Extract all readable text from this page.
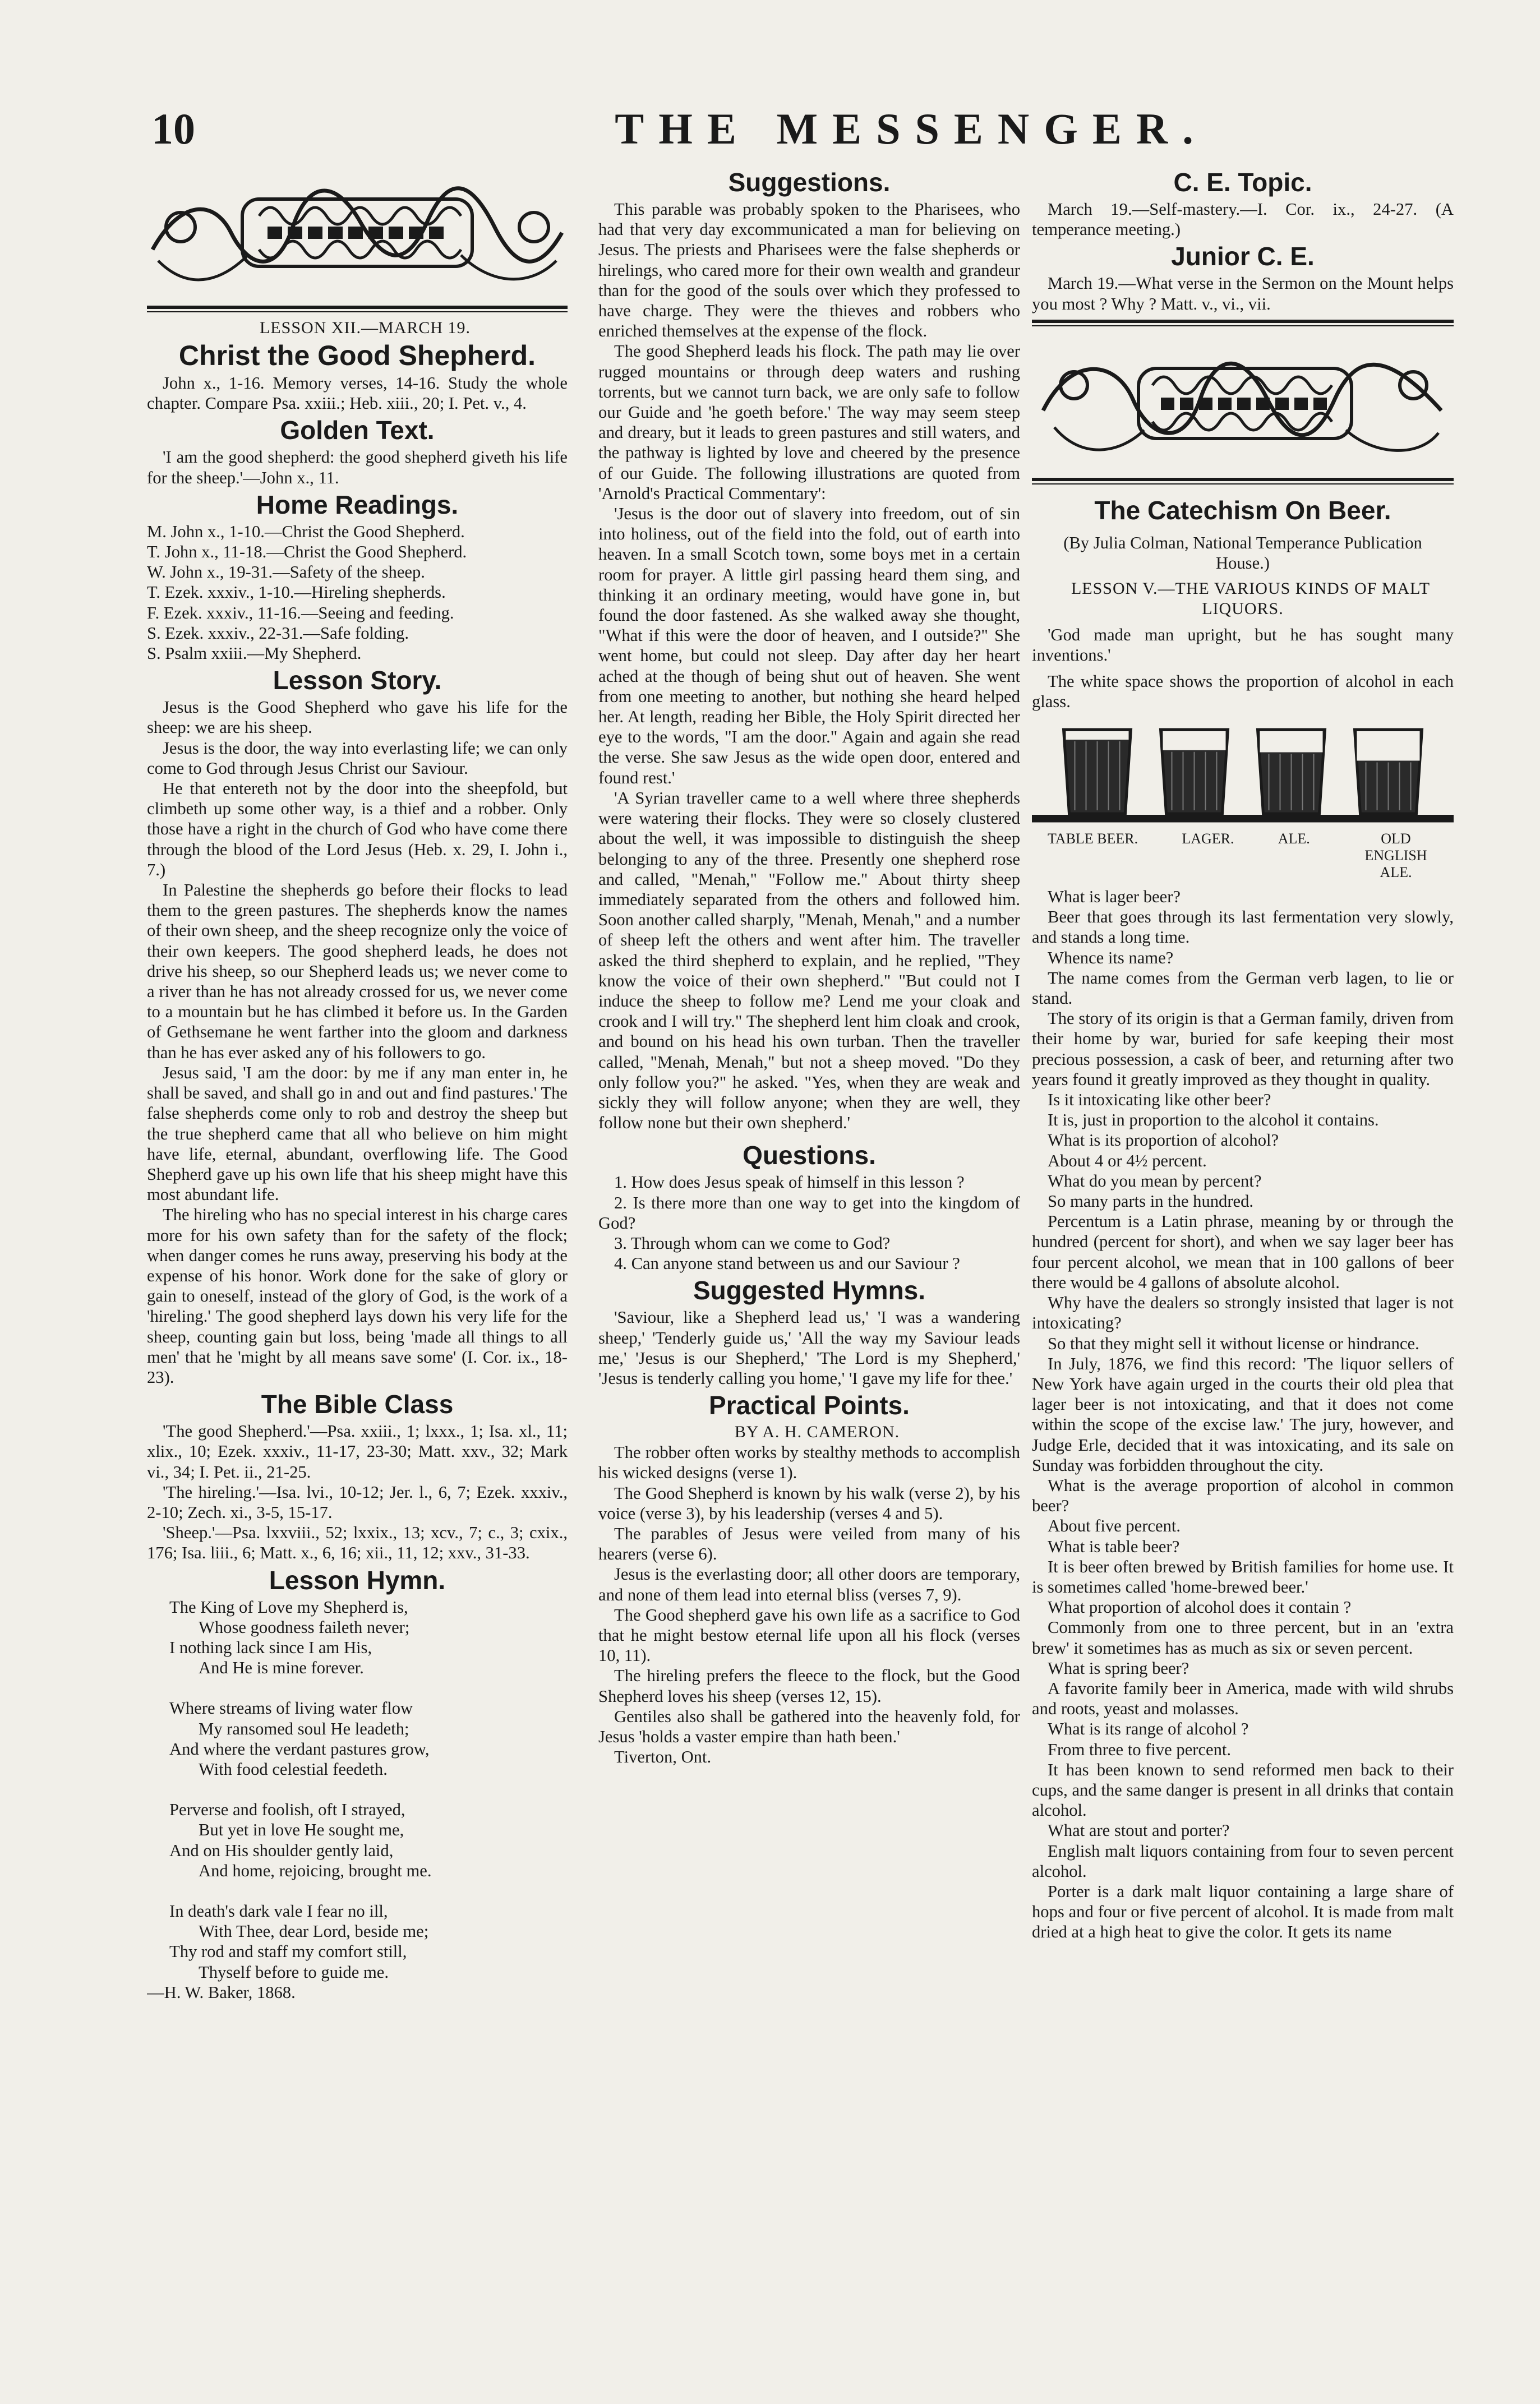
10	THE MESSENGER.

LESSON XII.—MARCH 19.

Christ the Good Shepherd.

John x., 1-16. Memory verses, 14-16. Study the whole chapter. Compare Psa. xxiii.; Heb. xiii., 20; I. Pet. v., 4.

Golden Text.

'I am the good shepherd: the good shepherd giveth his life for the sheep.'—John x., 11.

Home Readings.

M. John x., 1-10.—Christ the Good Shepherd.

T. John x., 11-18.—Christ the Good Shepherd.

W. John x., 19-31.—Safety of the sheep.

T. Ezek. xxxiv., 1-10.—Hireling shepherds.

F. Ezek. xxxiv., 11-16.—Seeing and feeding.

S. Ezek. xxxiv., 22-31.—Safe folding.

S. Psalm xxiii.—My Shepherd.

Lesson Story.

Jesus is the Good Shepherd who gave his life for the sheep: we are his sheep.

Jesus is the door, the way into everlasting life; we can only come to God through Jesus Christ our Saviour.

He that entereth not by the door into the sheepfold, but climbeth up some other way, is a thief and a robber. Only those have a right in the church of God who have come there through the blood of the Lord Jesus (Heb. x. 29, I. John i., 7.)

In Palestine the shepherds go before their flocks to lead them to the green pastures. The shepherds know the names of their own sheep, and the sheep recognize only the voice of their own keepers. The good shepherd leads, he does not drive his sheep, so our Shepherd leads us; we never come to a river than he has not already crossed for us, we never come to a mountain but he has climbed it before us. In the Garden of Gethsemane he went farther into the gloom and darkness than he has ever asked any of his followers to go.

Jesus said, 'I am the door: by me if any man enter in, he shall be saved, and shall go in and out and find pastures.' The false shepherds come only to rob and destroy the sheep but the true shepherd came that all who believe on him might have life, eternal, abundant, overflowing life. The Good Shepherd gave up his own life that his sheep might have this most abundant life.

The hireling who has no special interest in his charge cares more for his own safety than for the safety of the flock; when danger comes he runs away, preserving his body at the expense of his honor. Work done for the sake of glory or gain to oneself, instead of the glory of God, is the work of a 'hireling.' The good shepherd lays down his very life for the sheep, counting gain but loss, being 'made all things to all men' that he 'might by all means save some' (I. Cor. ix., 18-23).

The Bible Class

'The good Shepherd.'—Psa. xxiii., 1; lxxx., 1; Isa. xl., 11; xlix., 10; Ezek. xxxiv., 11-17, 23-30; Matt. xxv., 32; Mark vi., 34; I. Pet. ii., 21-25.

'The hireling.'—Isa. lvi., 10-12; Jer. l., 6, 7; Ezek. xxxiv., 2-10; Zech. xi., 3-5, 15-17.

'Sheep.'—Psa. lxxviii., 52; lxxix., 13; xcv., 7; c., 3; cxix., 176; Isa. liii., 6; Matt. x., 6, 16; xii., 11, 12; xxv., 31-33.

Lesson Hymn.
The King of Love my Shepherd is,
Whose goodness faileth never;
I nothing lack since I am His,
And He is mine forever.
Where streams of living water flow
My ransomed soul He leadeth;
And where the verdant pastures grow,
With food celestial feedeth.
Perverse and foolish, oft I strayed,
But yet in love He sought me,
And on His shoulder gently laid,
And home, rejoicing, brought me.
In death's dark vale I fear no ill,
With Thee, dear Lord, beside me;
Thy rod and staff my comfort still,
Thyself before to guide me.

—H. W. Baker, 1868.

Suggestions.

This parable was probably spoken to the Pharisees, who had that very day excommunicated a man for believing on Jesus. The priests and Pharisees were the false shepherds or hirelings, who cared more for their own wealth and grandeur than for the good of the souls over which they professed to have charge. They were the thieves and robbers who enriched themselves at the expense of the flock.

The good Shepherd leads his flock. The path may lie over rugged mountains or through deep waters and rushing torrents, but we cannot turn back, we are only safe to follow our Guide and 'he goeth before.' The way may seem steep and dreary, but it leads to green pastures and still waters, and the pathway is lighted by love and cheered by the presence of our Guide. The following illustrations are quoted from 'Arnold's Practical Commentary':

'Jesus is the door out of slavery into freedom, out of sin into holiness, out of the field into the fold, out of earth into heaven. In a small Scotch town, some boys met in a certain room for prayer. A little girl passing heard them sing, and thinking it an ordinary meeting, would have gone in, but found the door fastened. As she walked away she thought, "What if this were the door of heaven, and I outside?" She went home, but could not sleep. Day after day her heart ached at the though of being shut out of heaven. She went from one meeting to another, but nothing she heard helped her. At length, reading her Bible, the Holy Spirit directed her eye to the words, "I am the door." Again and again she read the verse. She saw Jesus as the wide open door, entered and found rest.'

'A Syrian traveller came to a well where three shepherds were watering their flocks. They were so closely clustered about the well, it was impossible to distinguish the sheep belonging to any of the three. Presently one shepherd rose and called, "Menah," "Follow me." About thirty sheep immediately separated from the others and followed him. Soon another called sharply, "Menah, Menah," and a number of sheep left the others and went after him. The traveller asked the third shepherd to explain, and he replied, "They know the voice of their own shepherd." "But could not I induce the sheep to follow me? Lend me your cloak and crook and I will try." The shepherd lent him cloak and crook, and bound on his head his own turban. Then the traveller called, "Menah, Menah," but not a sheep moved. "Do they only follow you?" he asked. "Yes, when they are weak and sickly they will follow anyone; when they are well, they follow none but their own shepherd.'

Questions.

1. How does Jesus speak of himself in this lesson ?

2. Is there more than one way to get into the kingdom of God?

3. Through whom can we come to God?

4. Can anyone stand between us and our Saviour ?

Suggested Hymns.

'Saviour, like a Shepherd lead us,' 'I was a wandering sheep,' 'Tenderly guide us,' 'All the way my Saviour leads me,' 'Jesus is our Shepherd,' 'The Lord is my Shepherd,' 'Jesus is tenderly calling you home,' 'I gave my life for thee.'

Practical Points.

BY A. H. CAMERON.

The robber often works by stealthy methods to accomplish his wicked designs (verse 1).

The Good Shepherd is known by his walk (verse 2), by his voice (verse 3), by his leadership (verses 4 and 5).

The parables of Jesus were veiled from many of his hearers (verse 6).

Jesus is the everlasting door; all other doors are temporary, and none of them lead into eternal bliss (verses 7, 9).

The Good shepherd gave his own life as a sacrifice to God that he might bestow eternal life upon all his flock (verses 10, 11).

The hireling prefers the fleece to the flock, but the Good Shepherd loves his sheep (verses 12, 15).

Gentiles also shall be gathered into the heavenly fold, for Jesus 'holds a vaster empire than hath been.'

Tiverton, Ont.

C. E. Topic.

March 19.—Self-mastery.—I. Cor. ix., 24-27. (A temperance meeting.)

Junior C. E.

March 19.—What verse in the Sermon on the Mount helps you most ? Why ? Matt. v., vi., vii.

The Catechism On Beer.

(By Julia Colman, National Temperance Publication House.)

LESSON V.—THE VARIOUS KINDS OF MALT LIQUORS.

'God made man upright, but he has sought many inventions.'

The white space shows the proportion of alcohol in each glass.

TABLE BEER.	LAGER.	ALE.	OLD ENGLISH ALE.

What is lager beer?

Beer that goes through its last fermentation very slowly, and stands a long time.

Whence its name?

The name comes from the German verb lagen, to lie or stand.

The story of its origin is that a German family, driven from their home by war, buried for safe keeping their most precious possession, a cask of beer, and returning after two years found it greatly improved as they thought in quality.

Is it intoxicating like other beer?

It is, just in proportion to the alcohol it contains.

What is its proportion of alcohol?

About 4 or 4½ percent.

What do you mean by percent?

So many parts in the hundred.

Percentum is a Latin phrase, meaning by or through the hundred (percent for short), and when we say lager beer has four percent alcohol, we mean that in 100 gallons of beer there would be 4 gallons of absolute alcohol.

Why have the dealers so strongly insisted that lager is not intoxicating?

So that they might sell it without license or hindrance.

In July, 1876, we find this record: 'The liquor sellers of New York have again urged in the courts their old plea that lager beer is not intoxicating, and that it does not come within the scope of the excise law.' The jury, however, and Judge Erle, decided that it was intoxicating, and its sale on Sunday was forbidden throughout the city.

What is the average proportion of alcohol in common beer?

About five percent.

What is table beer?

It is beer often brewed by British families for home use. It is sometimes called 'home-brewed beer.'

What proportion of alcohol does it contain ?

Commonly from one to three percent, but in an 'extra brew' it sometimes has as much as six or seven percent.

What is spring beer?

A favorite family beer in America, made with wild shrubs and roots, yeast and molasses.

What is its range of alcohol ?

From three to five percent.

It has been known to send reformed men back to their cups, and the same danger is present in all drinks that contain alcohol.

What are stout and porter?

English malt liquors containing from four to seven percent alcohol.

Porter is a dark malt liquor containing a large share of hops and four or five percent of alcohol. It is made from malt dried at a high heat to give the color. It gets its name
